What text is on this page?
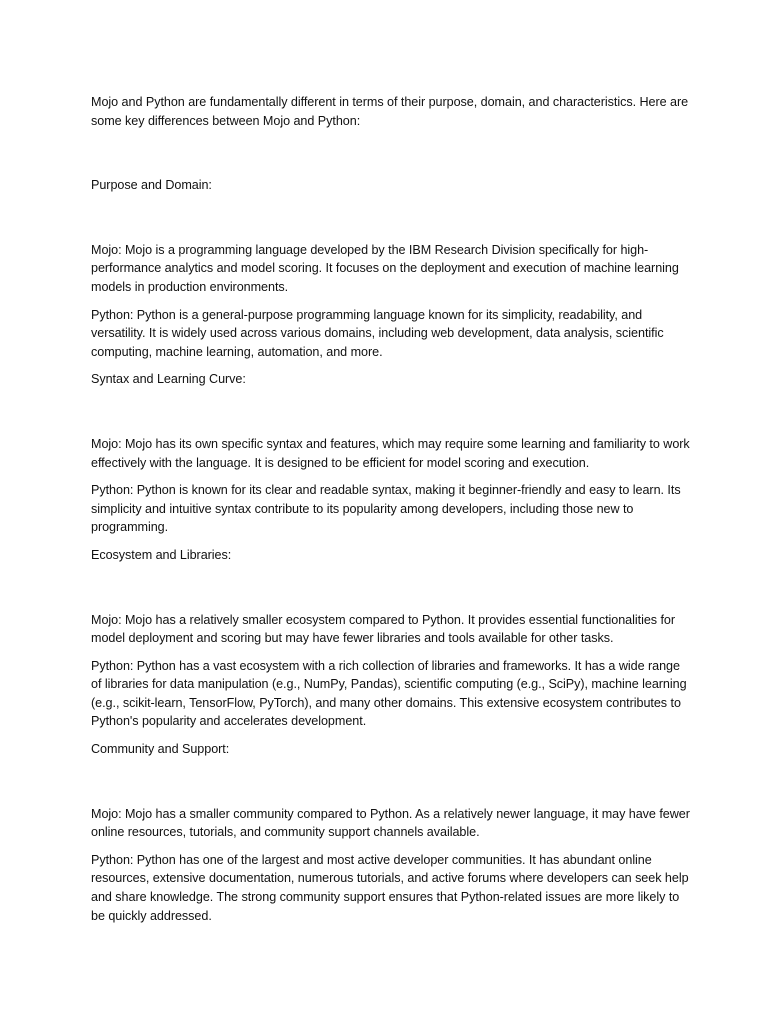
Mojo and Python are fundamentally different in terms of their purpose, domain, and characteristics. Here are some key differences between Mojo and Python:

Purpose and Domain:

Mojo: Mojo is a programming language developed by the IBM Research Division specifically for high-performance analytics and model scoring. It focuses on the deployment and execution of machine learning models in production environments.

Python: Python is a general-purpose programming language known for its simplicity, readability, and versatility. It is widely used across various domains, including web development, data analysis, scientific computing, machine learning, automation, and more.

Syntax and Learning Curve:

Mojo: Mojo has its own specific syntax and features, which may require some learning and familiarity to work effectively with the language. It is designed to be efficient for model scoring and execution.

Python: Python is known for its clear and readable syntax, making it beginner-friendly and easy to learn. Its simplicity and intuitive syntax contribute to its popularity among developers, including those new to programming.

Ecosystem and Libraries:

Mojo: Mojo has a relatively smaller ecosystem compared to Python. It provides essential functionalities for model deployment and scoring but may have fewer libraries and tools available for other tasks.

Python: Python has a vast ecosystem with a rich collection of libraries and frameworks. It has a wide range of libraries for data manipulation (e.g., NumPy, Pandas), scientific computing (e.g., SciPy), machine learning (e.g., scikit-learn, TensorFlow, PyTorch), and many other domains. This extensive ecosystem contributes to Python's popularity and accelerates development.

Community and Support:

Mojo: Mojo has a smaller community compared to Python. As a relatively newer language, it may have fewer online resources, tutorials, and community support channels available.

Python: Python has one of the largest and most active developer communities. It has abundant online resources, extensive documentation, numerous tutorials, and active forums where developers can seek help and share knowledge. The strong community support ensures that Python-related issues are more likely to be quickly addressed.
